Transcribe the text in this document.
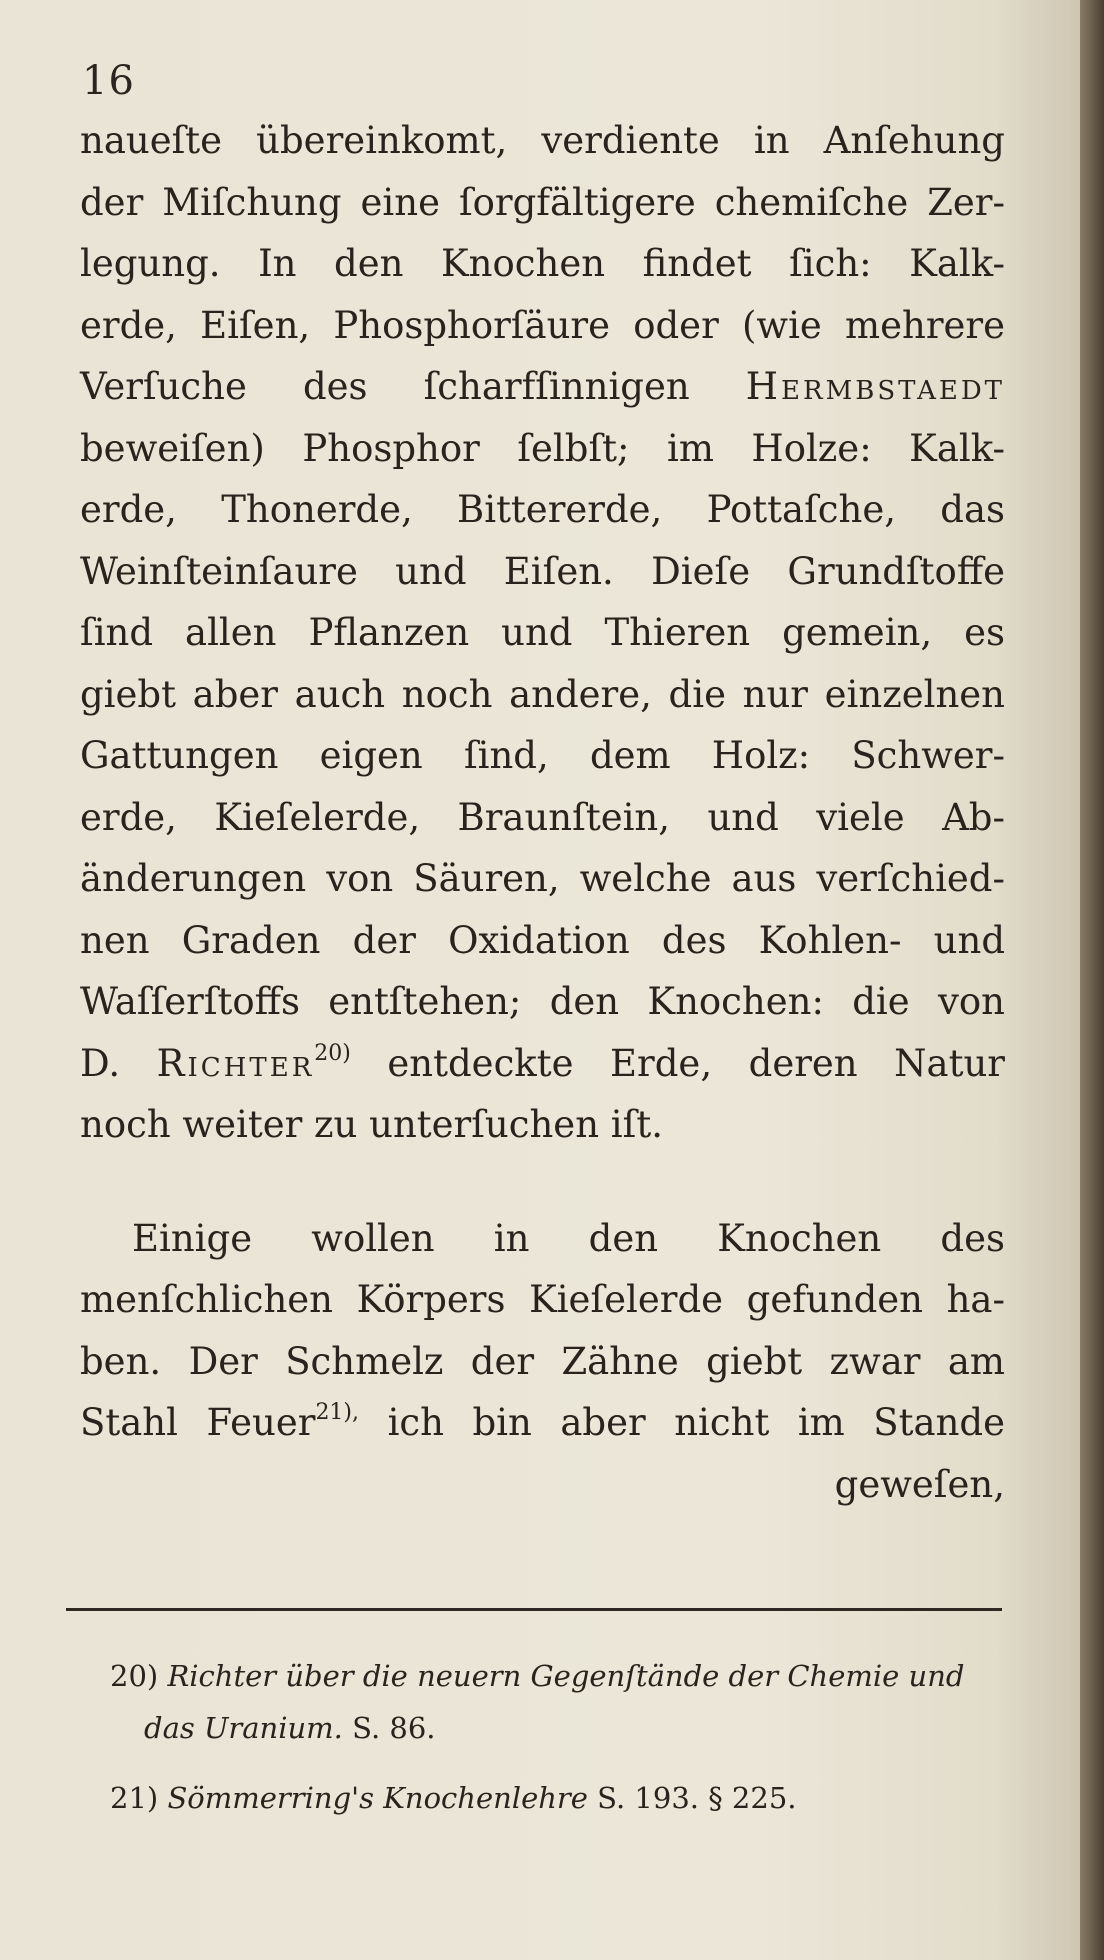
16
naueſte übereinkomt, verdiente in Anſehung
der Miſchung eine ſorgfältigere chemiſche Zer-
legung. In den Knochen findet ſich: Kalk-
erde, Eiſen, Phosphorſäure oder (wie mehrere
Verſuche des ſcharfſinnigen Hermbstaedt
beweiſen) Phosphor ſelbſt; im Holze: Kalk-
erde, Thonerde, Bittererde, Pottaſche, das
Weinſteinſaure und Eiſen. Dieſe Grundſtoffe
ſind allen Pflanzen und Thieren gemein, es
giebt aber auch noch andere, die nur einzelnen
Gattungen eigen ſind, dem Holz: Schwer-
erde, Kieſelerde, Braunſtein, und viele Ab-
änderungen von Säuren, welche aus verſchied-
nen Graden der Oxidation des Kohlen- und
Waſſerſtoffs entſtehen; den Knochen: die von
D. Richter$^{20)}$ entdeckte Erde, deren Natur
noch weiter zu unterſuchen iſt.
Einige wollen in den Knochen des
menſchlichen Körpers Kieſelerde gefunden ha-
ben. Der Schmelz der Zähne giebt zwar am
Stahl Feuer$^{21),}$ ich bin aber nicht im Stande
geweſen,
20) Richter über die neuern Gegenſtände der Chemie und
das Uranium. S. 86.
21) Sömmerring's Knochenlehre S. 193. § 225.
